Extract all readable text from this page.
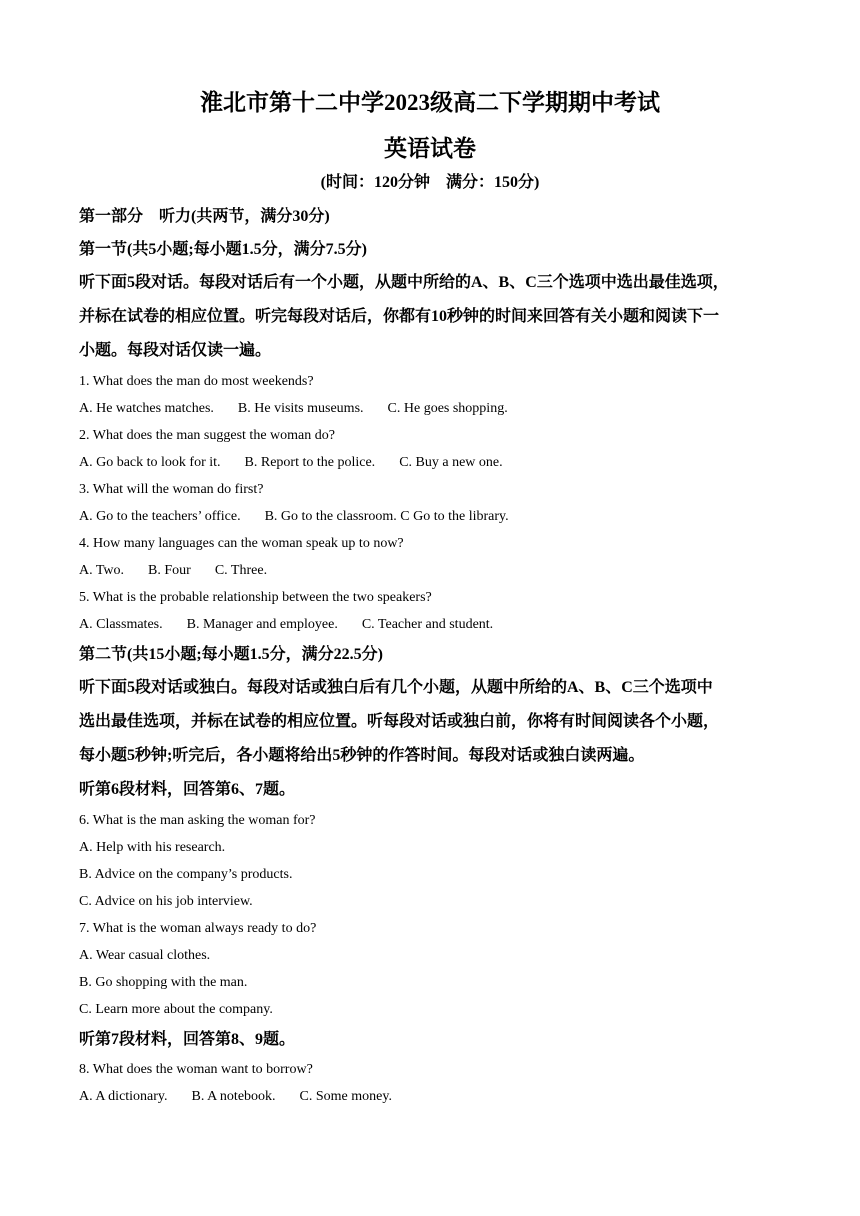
淮北市第十二中学2023级高二下学期期中考试
英语试卷
(时间：120分钟　满分：150分)
第一部分　听力(共两节，满分30分)
第一节(共5小题;每小题1.5分，满分7.5分)
听下面5段对话。每段对话后有一个小题，从题中所给的A、B、C三个选项中选出最佳选项，
并标在试卷的相应位置。听完每段对话后，你都有10秒钟的时间来回答有关小题和阅读下一
小题。每段对话仅读一遍。
1. What does the man do most weekends?
A. He watches matches. B. He visits museums. C. He goes shopping.
2. What does the man suggest the woman do?
A. Go back to look for it. B. Report to the police. C. Buy a new one.
3. What will the woman do first?
A. Go to the teachers’ office. B. Go to the classroom. C Go to the library.
4. How many languages can the woman speak up to now?
A. Two. B. Four C. Three.
5. What is the probable relationship between the two speakers?
A. Classmates. B. Manager and employee. C. Teacher and student.
第二节(共15小题;每小题1.5分，满分22.5分)
听下面5段对话或独白。每段对话或独白后有几个小题，从题中所给的A、B、C三个选项中
选出最佳选项，并标在试卷的相应位置。听每段对话或独白前，你将有时间阅读各个小题，
每小题5秒钟;听完后，各小题将给出5秒钟的作答时间。每段对话或独白读两遍。
听第6段材料，回答第6、7题。
6. What is the man asking the woman for?
A. Help with his research.
B. Advice on the company’s products.
C. Advice on his job interview.
7. What is the woman always ready to do?
A. Wear casual clothes.
B. Go shopping with the man.
C. Learn more about the company.
听第7段材料，回答第8、9题。
8. What does the woman want to borrow?
A. A dictionary. B. A notebook. C. Some money.
